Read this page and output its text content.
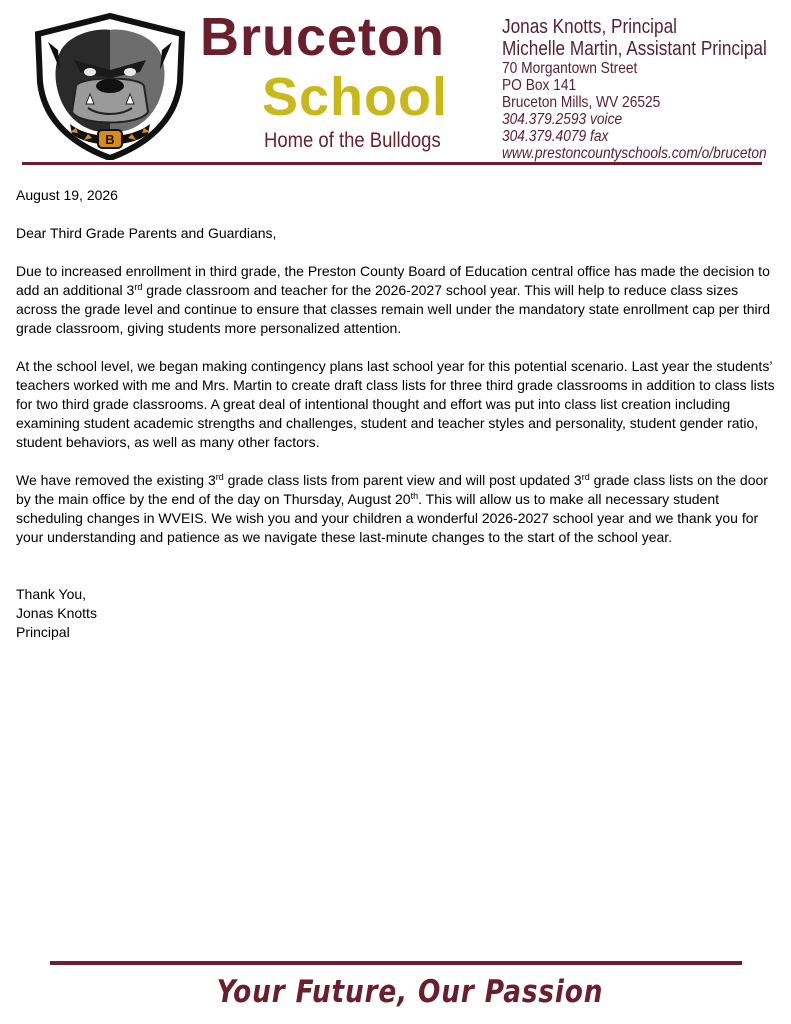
B
Bruceton
School
Home of the Bulldogs
Jonas Knotts, Principal
Michelle Martin, Assistant Principal
70 Morgantown Street
PO Box 141
Bruceton Mills, WV 26525
304.379.2593 voice
304.379.4079 fax
www.prestoncountyschools.com/o/bruceton

August 19, 2026

Dear Third Grade Parents and Guardians,

Due to increased enrollment in third grade, the Preston County Board of Education central office has made the decision to add an additional 3rd grade classroom and teacher for the 2026-2027 school year. This will help to reduce class sizes across the grade level and continue to ensure that classes remain well under the mandatory state enrollment cap per third grade classroom, giving students more personalized attention.

At the school level, we began making contingency plans last school year for this potential scenario. Last year the students’ teachers worked with me and Mrs. Martin to create draft class lists for three third grade classrooms in addition to class lists for two third grade classrooms. A great deal of intentional thought and effort was put into class list creation including examining student academic strengths and challenges, student and teacher styles and personality, student gender ratio, student behaviors, as well as many other factors.

We have removed the existing 3rd grade class lists from parent view and will post updated 3rd grade class lists on the door by the main office by the end of the day on Thursday, August 20th. This will allow us to make all necessary student scheduling changes in WVEIS. We wish you and your children a wonderful 2026-2027 school year and we thank you for your understanding and patience as we navigate these last-minute changes to the start of the school year.

Thank You,
Jonas Knotts
Principal
Your Future, Our Passion
